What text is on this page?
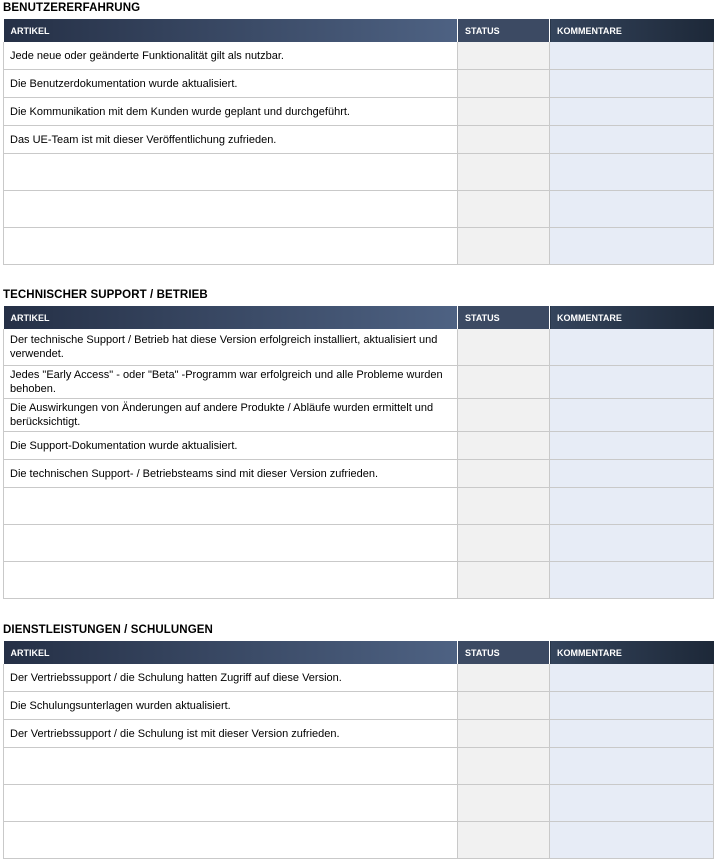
BENUTZERERFAHRUNG
ARTIKEL	STATUS	KOMMENTARE
Jede neue oder geänderte Funktionalität gilt als nutzbar.		
Die Benutzerdokumentation wurde aktualisiert.		
Die Kommunikation mit dem Kunden wurde geplant und durchgeführt.		
Das UE-Team ist mit dieser Veröffentlichung zufrieden.		

TECHNISCHER SUPPORT / BETRIEB
ARTIKEL	STATUS	KOMMENTARE
Der technische Support / Betrieb hat diese Version erfolgreich installiert, aktualisiert und verwendet.		
Jedes "Early Access" - oder "Beta" -Programm war erfolgreich und alle Probleme wurden behoben.		
Die Auswirkungen von Änderungen auf andere Produkte / Abläufe wurden ermittelt und berücksichtigt.		
Die Support-Dokumentation wurde aktualisiert.		
Die technischen Support- / Betriebsteams sind mit dieser Version zufrieden.		

DIENSTLEISTUNGEN / SCHULUNGEN
ARTIKEL	STATUS	KOMMENTARE
Der Vertriebssupport / die Schulung hatten Zugriff auf diese Version.		
Die Schulungsunterlagen wurden aktualisiert.		
Der Vertriebssupport / die Schulung ist mit dieser Version zufrieden.		
